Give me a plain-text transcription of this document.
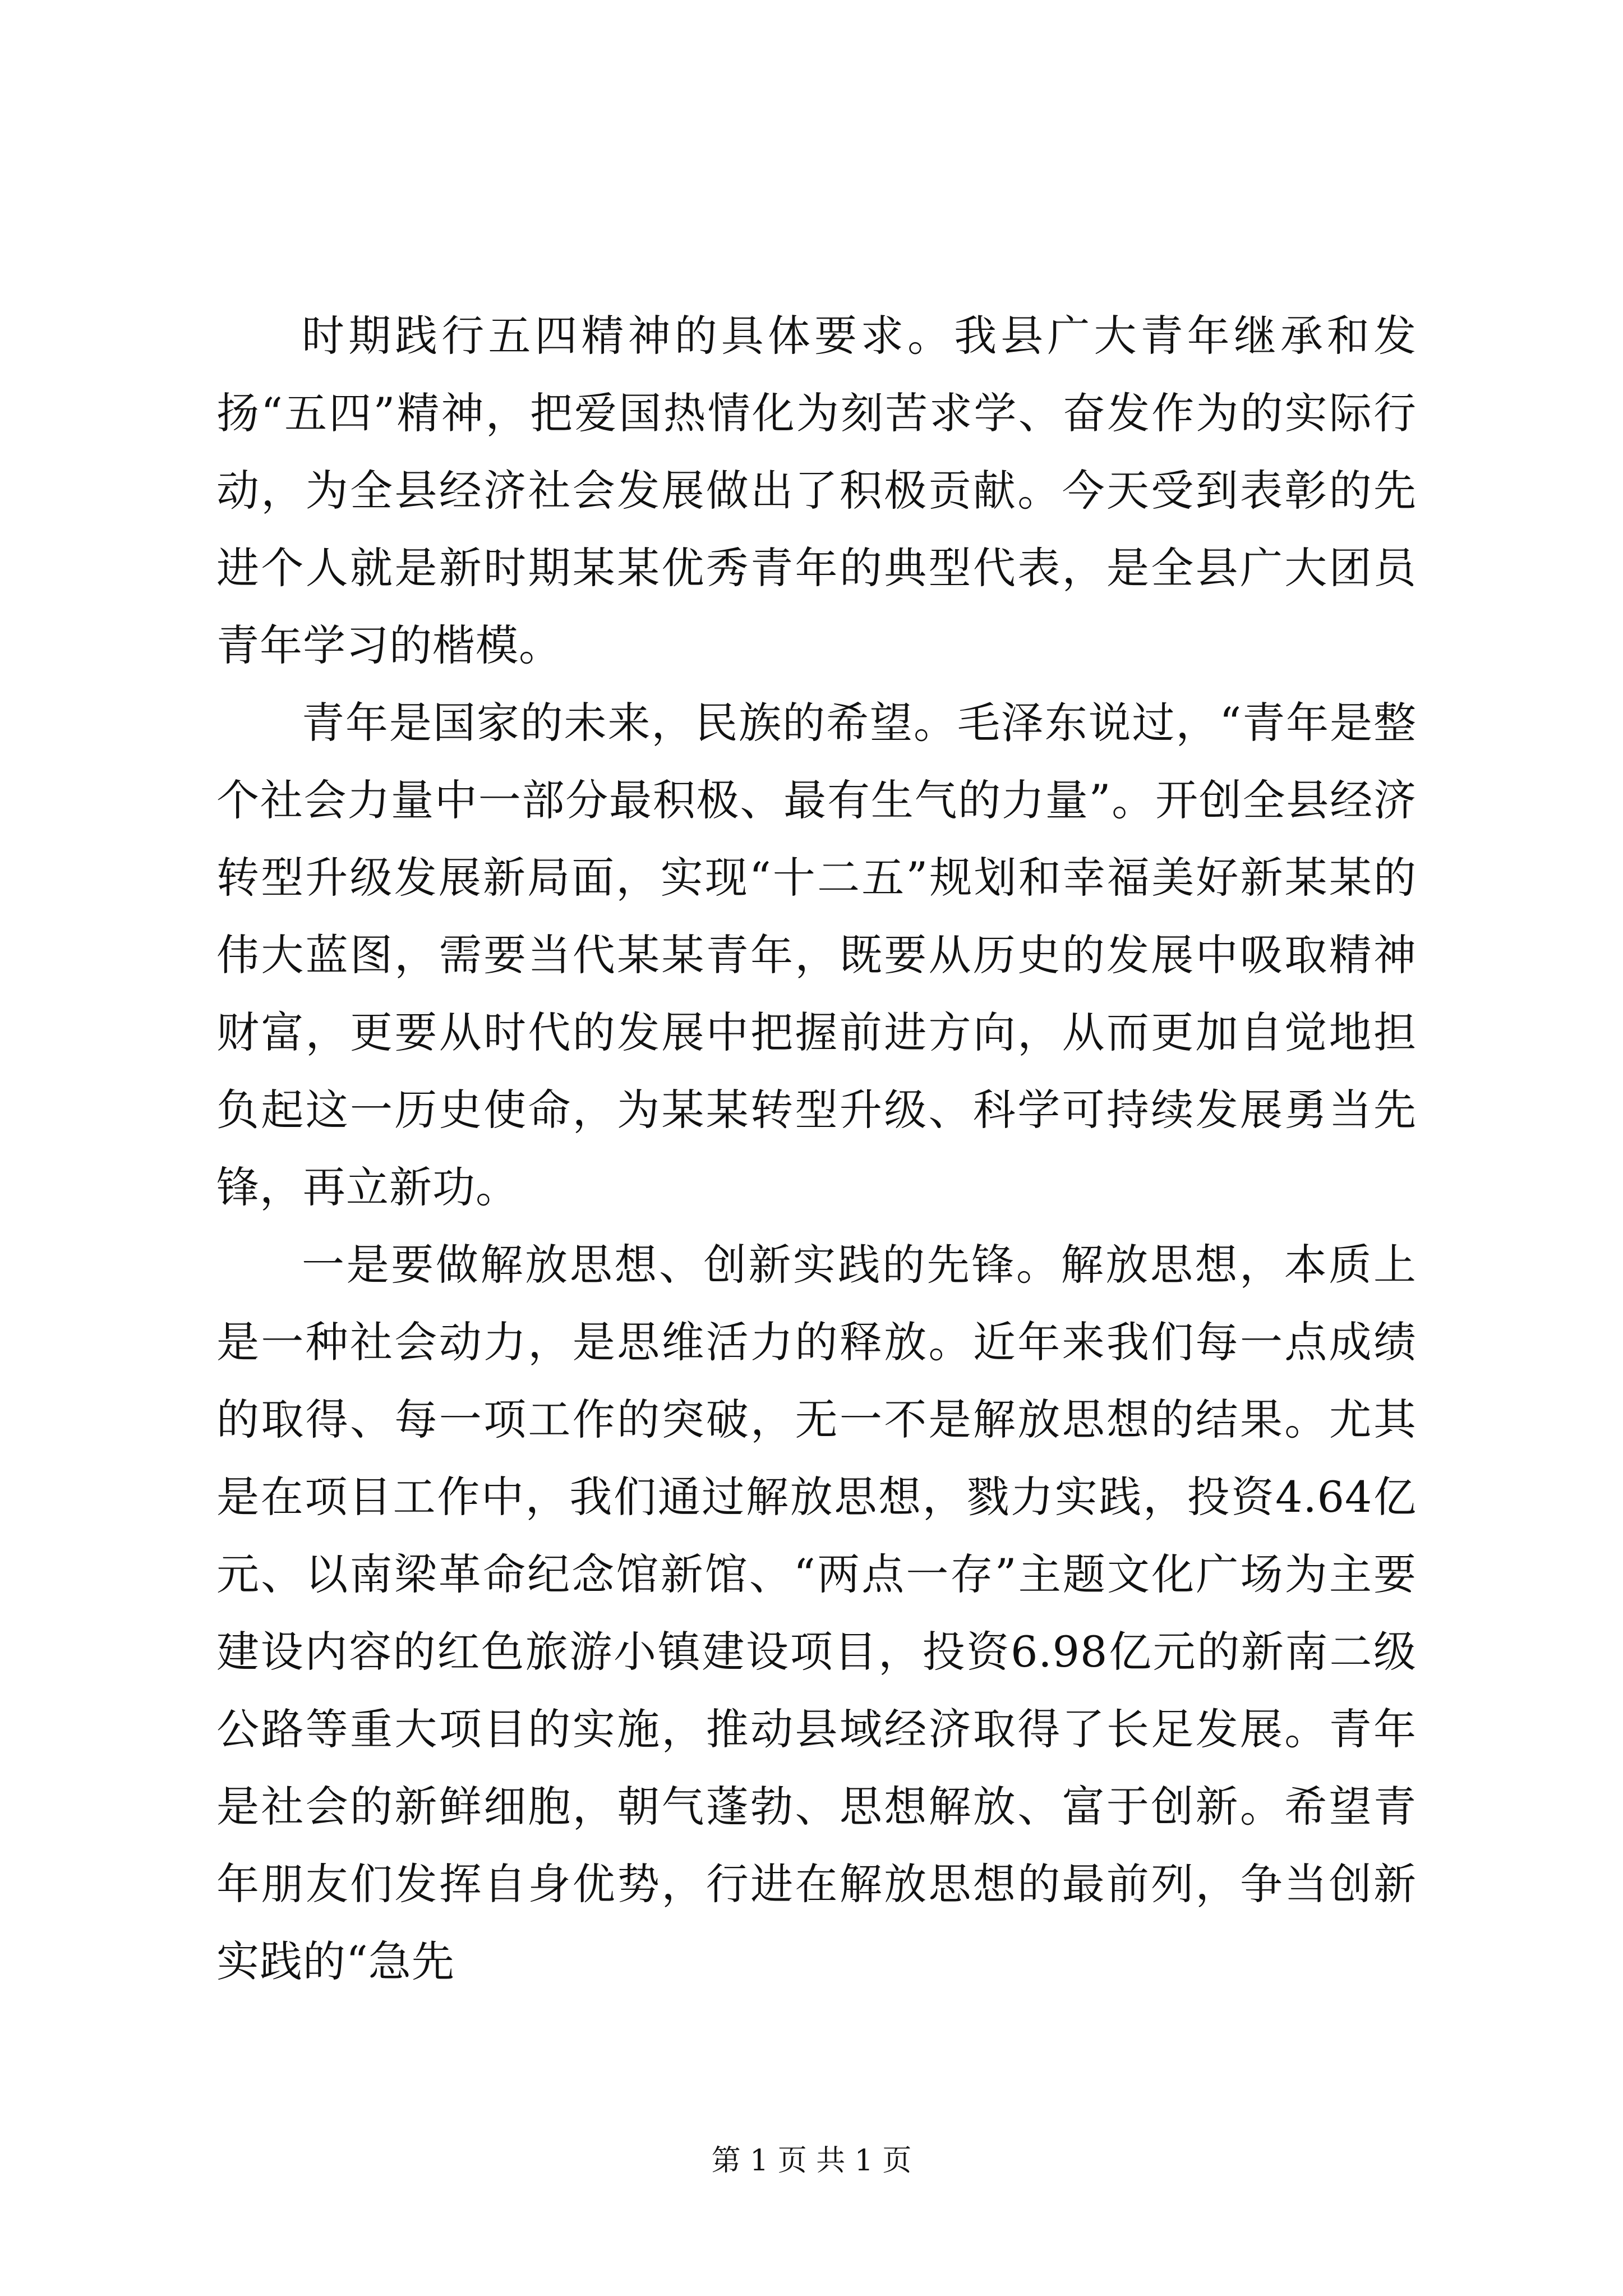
时期践行五四精神的具体要求。我县广大青年继承和发扬“五四”精神，把爱国热情化为刻苦求学、奋发作为的实际行动，为全县经济社会发展做出了积极贡献。今天受到表彰的先进个人就是新时期某某优秀青年的典型代表，是全县广大团员青年学习的楷模。

青年是国家的未来，民族的希望。毛泽东说过，“青年是整个社会力量中一部分最积极、最有生气的力量”。开创全县经济转型升级发展新局面，实现“十二五”规划和幸福美好新某某的伟大蓝图，需要当代某某青年，既要从历史的发展中吸取精神财富，更要从时代的发展中把握前进方向，从而更加自觉地担负起这一历史使命，为某某转型升级、科学可持续发展勇当先锋，再立新功。

一是要做解放思想、创新实践的先锋。解放思想，本质上是一种社会动力，是思维活力的释放。近年来我们每一点成绩的取得、每一项工作的突破，无一不是解放思想的结果。尤其是在项目工作中，我们通过解放思想，戮力实践，投资4.64亿元、以南梁革命纪念馆新馆、“两点一存”主题文化广场为主要建设内容的红色旅游小镇建设项目，投资6.98亿元的新南二级公路等重大项目的实施，推动县域经济取得了长足发展。青年是社会的新鲜细胞，朝气蓬勃、思想解放、富于创新。希望青年朋友们发挥自身优势，行进在解放思想的最前列，争当创新实践的“急先

第 1 页 共 1 页
